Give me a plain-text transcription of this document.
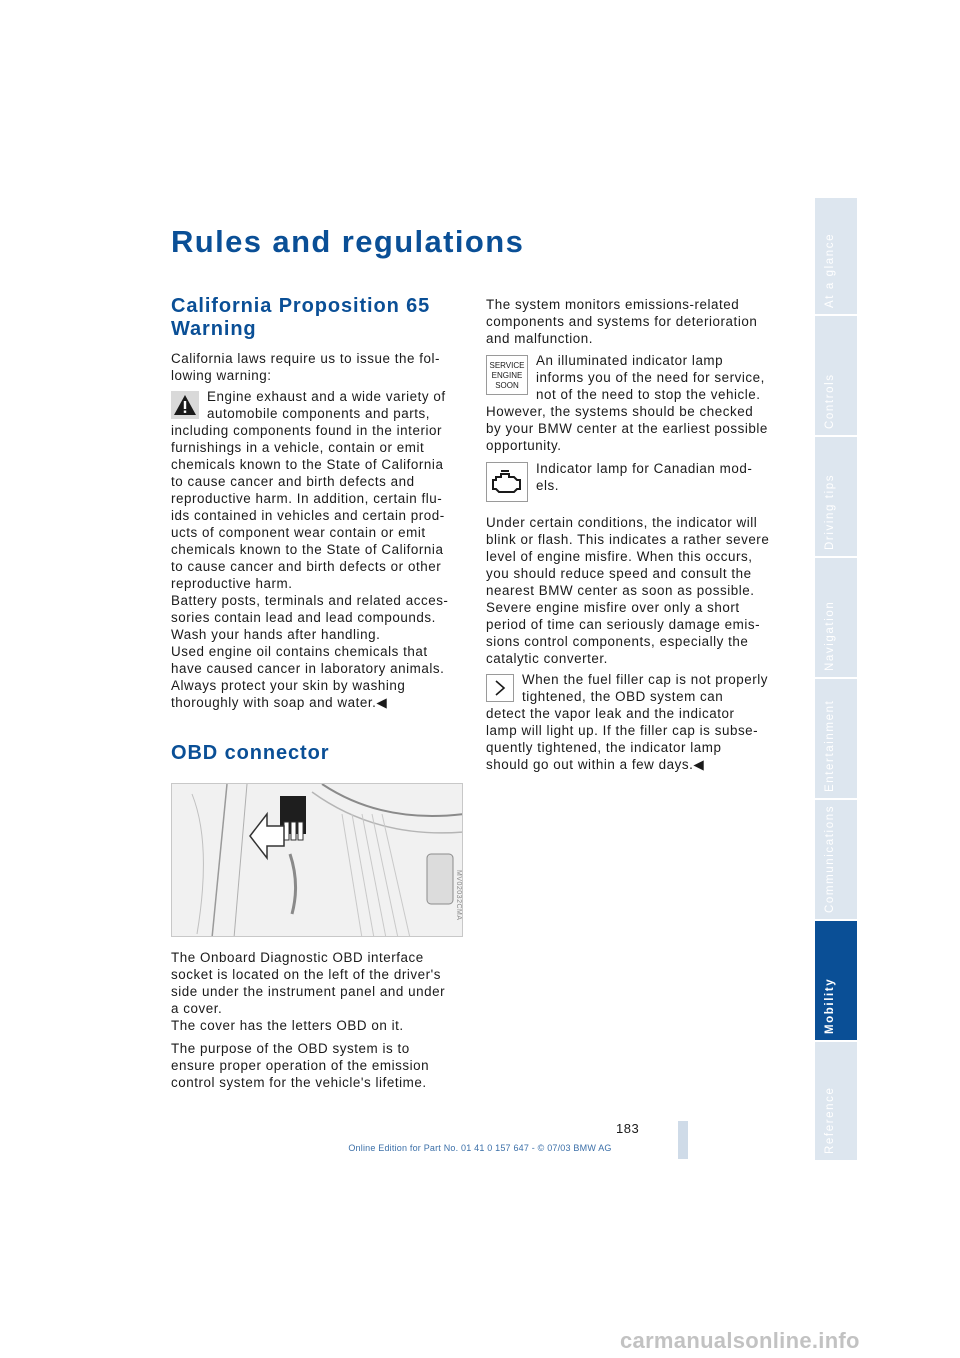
Rules and regulations
California Proposition 65
Warning
California laws require us to issue the fol-
lowing warning:
Engine exhaust and a wide variety of
automobile components and parts,
including components found in the interior
furnishings in a vehicle, contain or emit
chemicals known to the State of California
to cause cancer and birth defects and
reproductive harm. In addition, certain flu-
ids contained in vehicles and certain prod-
ucts of component wear contain or emit
chemicals known to the State of California
to cause cancer and birth defects or other
reproductive harm.
Battery posts, terminals and related acces-
sories contain lead and lead compounds.
Wash your hands after handling.
Used engine oil contains chemicals that
have caused cancer in laboratory animals.
Always protect your skin by washing
thoroughly with soap and water.◀
OBD connector
MV02032CMA
The Onboard Diagnostic OBD interface
socket is located on the left of the driver's
side under the instrument panel and under
a cover.
The cover has the letters OBD on it.
The purpose of the OBD system is to
ensure proper operation of the emission
control system for the vehicle's lifetime.
The system monitors emissions-related
components and systems for deterioration
and malfunction.
SERVICE
ENGINE
SOON
An illuminated indicator lamp
informs you of the need for service,
not of the need to stop the vehicle.
However, the systems should be checked
by your BMW center at the earliest possible
opportunity.
Indicator lamp for Canadian mod-
els.
Under certain conditions, the indicator will
blink or flash. This indicates a rather severe
level of engine misfire. When this occurs,
you should reduce speed and consult the
nearest BMW center as soon as possible.
Severe engine misfire over only a short
period of time can seriously damage emis-
sions control components, especially the
catalytic converter.
When the fuel filler cap is not properly
tightened, the OBD system can
detect the vapor leak and the indicator
lamp will light up. If the filler cap is subse-
quently tightened, the indicator lamp
should go out within a few days.◀
At a glance
Controls
Driving tips
Navigation
Entertainment
Communications
Mobility
Reference
183
Online Edition for Part No. 01 41 0 157 647 - © 07/03 BMW AG
carmanualsonline.info
